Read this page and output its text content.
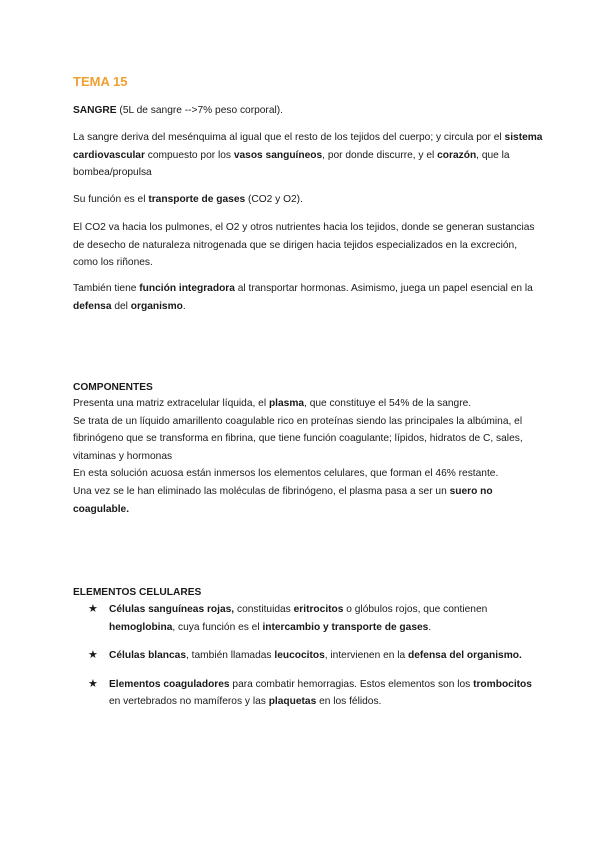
TEMA 15
SANGRE (5L de sangre -->7% peso corporal).
La sangre deriva del mesénquima al igual que el resto de los tejidos del cuerpo; y circula por el sistema cardiovascular compuesto por los vasos sanguíneos, por donde discurre, y el corazón, que la bombea/propulsa
Su función es el transporte de gases (CO2 y O2).
El CO2 va hacia los pulmones, el O2 y otros nutrientes hacia los tejidos, donde se generan sustancias de desecho de naturaleza nitrogenada que se dirigen hacia tejidos especializados en la excreción, como los riñones.
También tiene función integradora al transportar hormonas. Asimismo, juega un papel esencial en la defensa del organismo.
COMPONENTES
Presenta una matriz extracelular líquida, el plasma, que constituye el 54% de la sangre.
Se trata de un líquido amarillento coagulable rico en proteínas siendo las principales la albúmina, el fibrinógeno que se transforma en fibrina, que tiene función coagulante; lípidos, hidratos de C, sales, vitaminas y hormonas
En esta solución acuosa están inmersos los elementos celulares, que forman el 46% restante.
Una vez se le han eliminado las moléculas de fibrinógeno, el plasma pasa a ser un suero no coagulable.
ELEMENTOS CELULARES
★ Células sanguíneas rojas, constituidas eritrocitos o glóbulos rojos, que contienen hemoglobina, cuya función es el intercambio y transporte de gases.
★ Células blancas, también llamadas leucocitos, intervienen en la defensa del organismo.
★ Elementos coaguladores para combatir hemorragias. Estos elementos son los trombocitos en vertebrados no mamíferos y las plaquetas en los félidos.
